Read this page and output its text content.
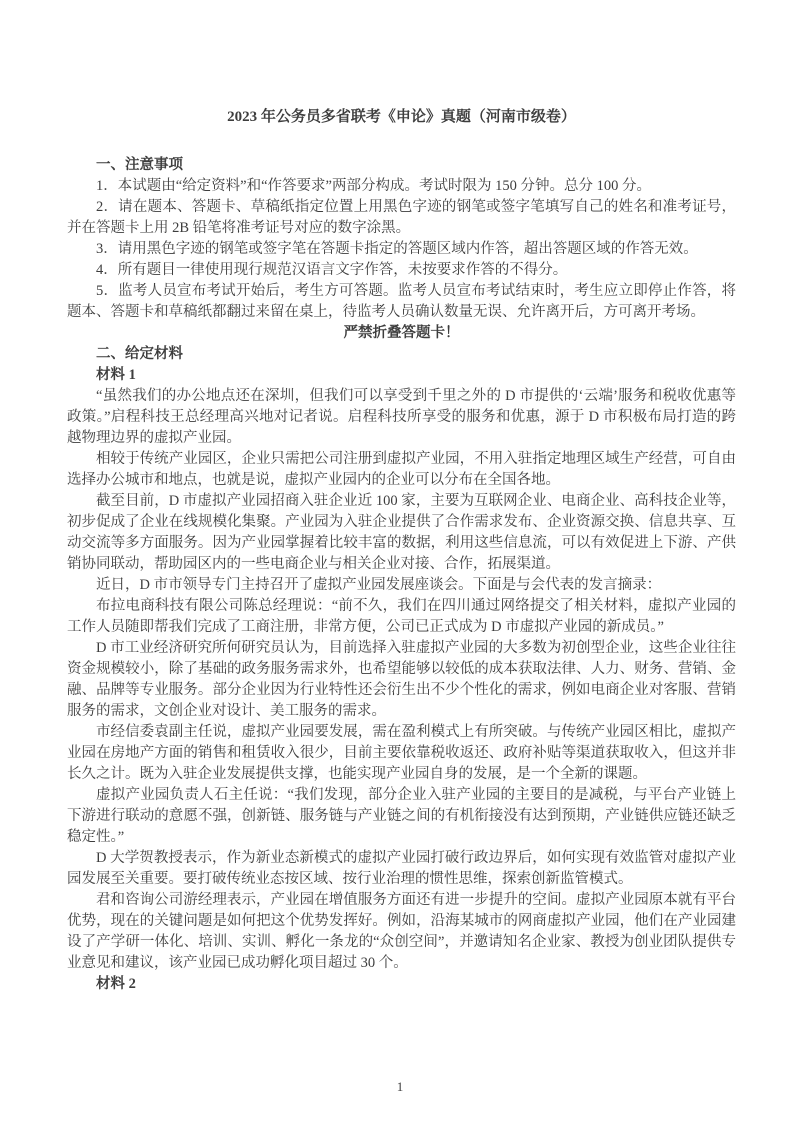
2023 年公务员多省联考《申论》真题（河南市级卷）
一、注意事项

1．本试题由“给定资料”和“作答要求”两部分构成。考试时限为 150 分钟。总分 100 分。

2．请在题本、答题卡、草稿纸指定位置上用黑色字迹的钢笔或签字笔填写自己的姓名和准考证号，并在答题卡上用 2B 铅笔将准考证号对应的数字涂黑。

3．请用黑色字迹的钢笔或签字笔在答题卡指定的答题区域内作答，超出答题区域的作答无效。

4．所有题目一律使用现行规范汉语言文字作答，未按要求作答的不得分。

5．监考人员宣布考试开始后，考生方可答题。监考人员宣布考试结束时，考生应立即停止作答，将题本、答题卡和草稿纸都翻过来留在桌上，待监考人员确认数量无误、允许离开后，方可离开考场。

严禁折叠答题卡！

二、给定材料
材料 1

“虽然我们的办公地点还在深圳，但我们可以享受到千里之外的 D 市提供的‘云端’服务和税收优惠等政策。”启程科技王总经理高兴地对记者说。启程科技所享受的服务和优惠，源于 D 市积极布局打造的跨越物理边界的虚拟产业园。

相较于传统产业园区，企业只需把公司注册到虚拟产业园，不用入驻指定地理区域生产经营，可自由选择办公城市和地点，也就是说，虚拟产业园内的企业可以分布在全国各地。

截至目前，D 市虚拟产业园招商入驻企业近 100 家，主要为互联网企业、电商企业、高科技企业等，初步促成了企业在线规模化集聚。产业园为入驻企业提供了合作需求发布、企业资源交换、信息共享、互动交流等多方面服务。因为产业园掌握着比较丰富的数据，利用这些信息流，可以有效促进上下游、产供销协同联动，帮助园区内的一些电商企业与相关企业对接、合作，拓展渠道。

近日，D 市市领导专门主持召开了虚拟产业园发展座谈会。下面是与会代表的发言摘录：

布拉电商科技有限公司陈总经理说：“前不久，我们在四川通过网络提交了相关材料，虚拟产业园的工作人员随即帮我们完成了工商注册，非常方便，公司已正式成为 D 市虚拟产业园的新成员。”

D 市工业经济研究所何研究员认为，目前选择入驻虚拟产业园的大多数为初创型企业，这些企业往往资金规模较小，除了基础的政务服务需求外，也希望能够以较低的成本获取法律、人力、财务、营销、金融、品牌等专业服务。部分企业因为行业特性还会衍生出不少个性化的需求，例如电商企业对客服、营销服务的需求，文创企业对设计、美工服务的需求。

市经信委袁副主任说，虚拟产业园要发展，需在盈利模式上有所突破。与传统产业园区相比，虚拟产业园在房地产方面的销售和租赁收入很少，目前主要依靠税收返还、政府补贴等渠道获取收入，但这并非长久之计。既为入驻企业发展提供支撑，也能实现产业园自身的发展，是一个全新的课题。

虚拟产业园负责人石主任说：“我们发现，部分企业入驻产业园的主要目的是减税，与平台产业链上下游进行联动的意愿不强，创新链、服务链与产业链之间的有机衔接没有达到预期，产业链供应链还缺乏稳定性。”

D 大学贺教授表示，作为新业态新模式的虚拟产业园打破行政边界后，如何实现有效监管对虚拟产业园发展至关重要。要打破传统业态按区域、按行业治理的惯性思维，探索创新监管模式。

君和咨询公司游经理表示，产业园在增值服务方面还有进一步提升的空间。虚拟产业园原本就有平台优势，现在的关键问题是如何把这个优势发挥好。例如，沿海某城市的网商虚拟产业园，他们在产业园建设了产学研一体化、培训、实训、孵化一条龙的“众创空间”，并邀请知名企业家、教授为创业团队提供专业意见和建议，该产业园已成功孵化项目超过 30 个。

材料 2
1
